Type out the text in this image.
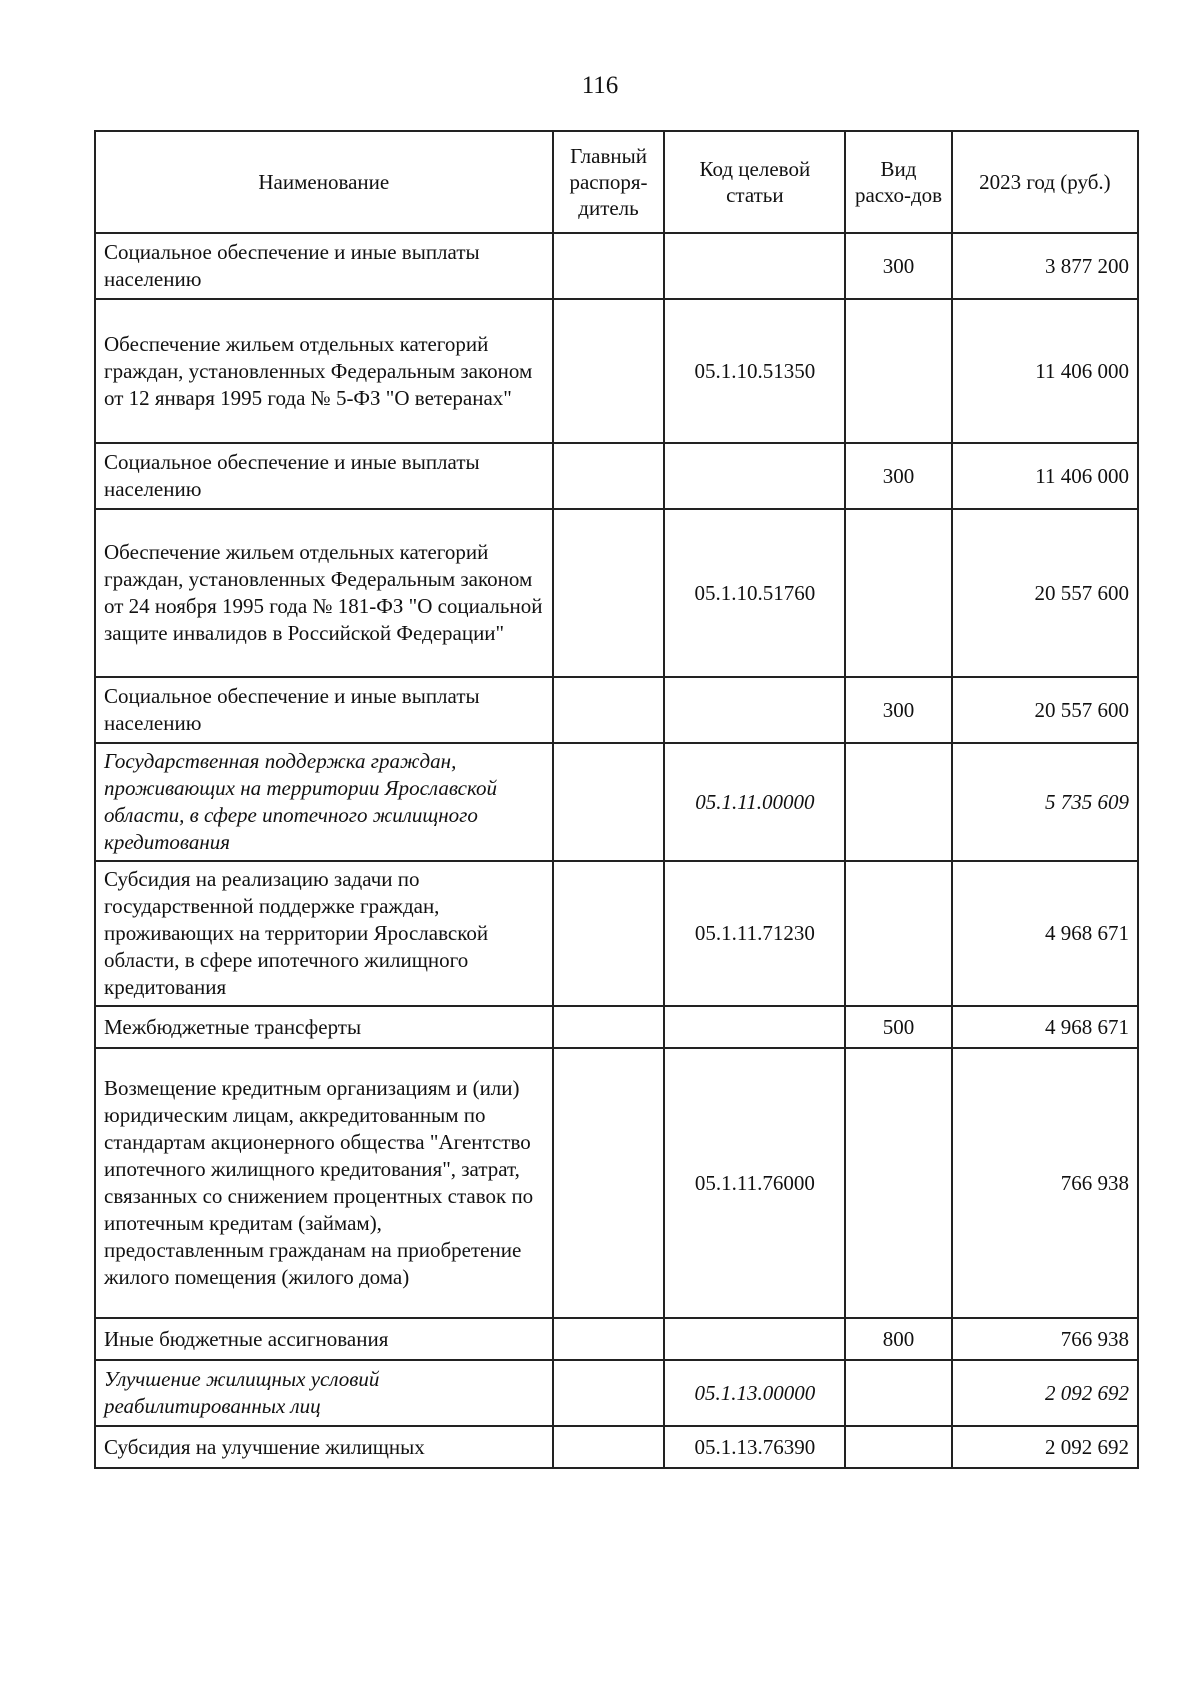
116
Наименование	Главный распоря-дитель	Код целевой статьи	Вид расхо-дов	2023 год (руб.)
Социальное обеспечение и иные выплаты населению			300	3 877 200
Обеспечение жильем отдельных категорий граждан, установленных Федеральным законом от 12 января 1995 года № 5-ФЗ "О ветеранах"		05.1.10.51350		11 406 000
Социальное обеспечение и иные выплаты населению			300	11 406 000
Обеспечение жильем отдельных категорий граждан, установленных Федеральным законом от 24 ноября 1995 года № 181-ФЗ "О социальной защите инвалидов в Российской Федерации"		05.1.10.51760		20 557 600
Социальное обеспечение и иные выплаты населению			300	20 557 600
Государственная поддержка граждан, проживающих на территории Ярославской области, в сфере ипотечного жилищного кредитования		05.1.11.00000		5 735 609
Субсидия на реализацию задачи по государственной поддержке граждан, проживающих на территории Ярославской области, в сфере ипотечного жилищного кредитования		05.1.11.71230		4 968 671
Межбюджетные трансферты			500	4 968 671
Возмещение кредитным организациям и (или) юридическим лицам, аккредитованным по стандартам акционерного общества "Агентство ипотечного жилищного кредитования", затрат, связанных со снижением процентных ставок по ипотечным кредитам (займам), предоставленным гражданам на приобретение жилого помещения (жилого дома)		05.1.11.76000		766 938
Иные бюджетные ассигнования			800	766 938
Улучшение жилищных условий реабилитированных лиц		05.1.13.00000		2 092 692
Субсидия на улучшение жилищных		05.1.13.76390		2 092 692
